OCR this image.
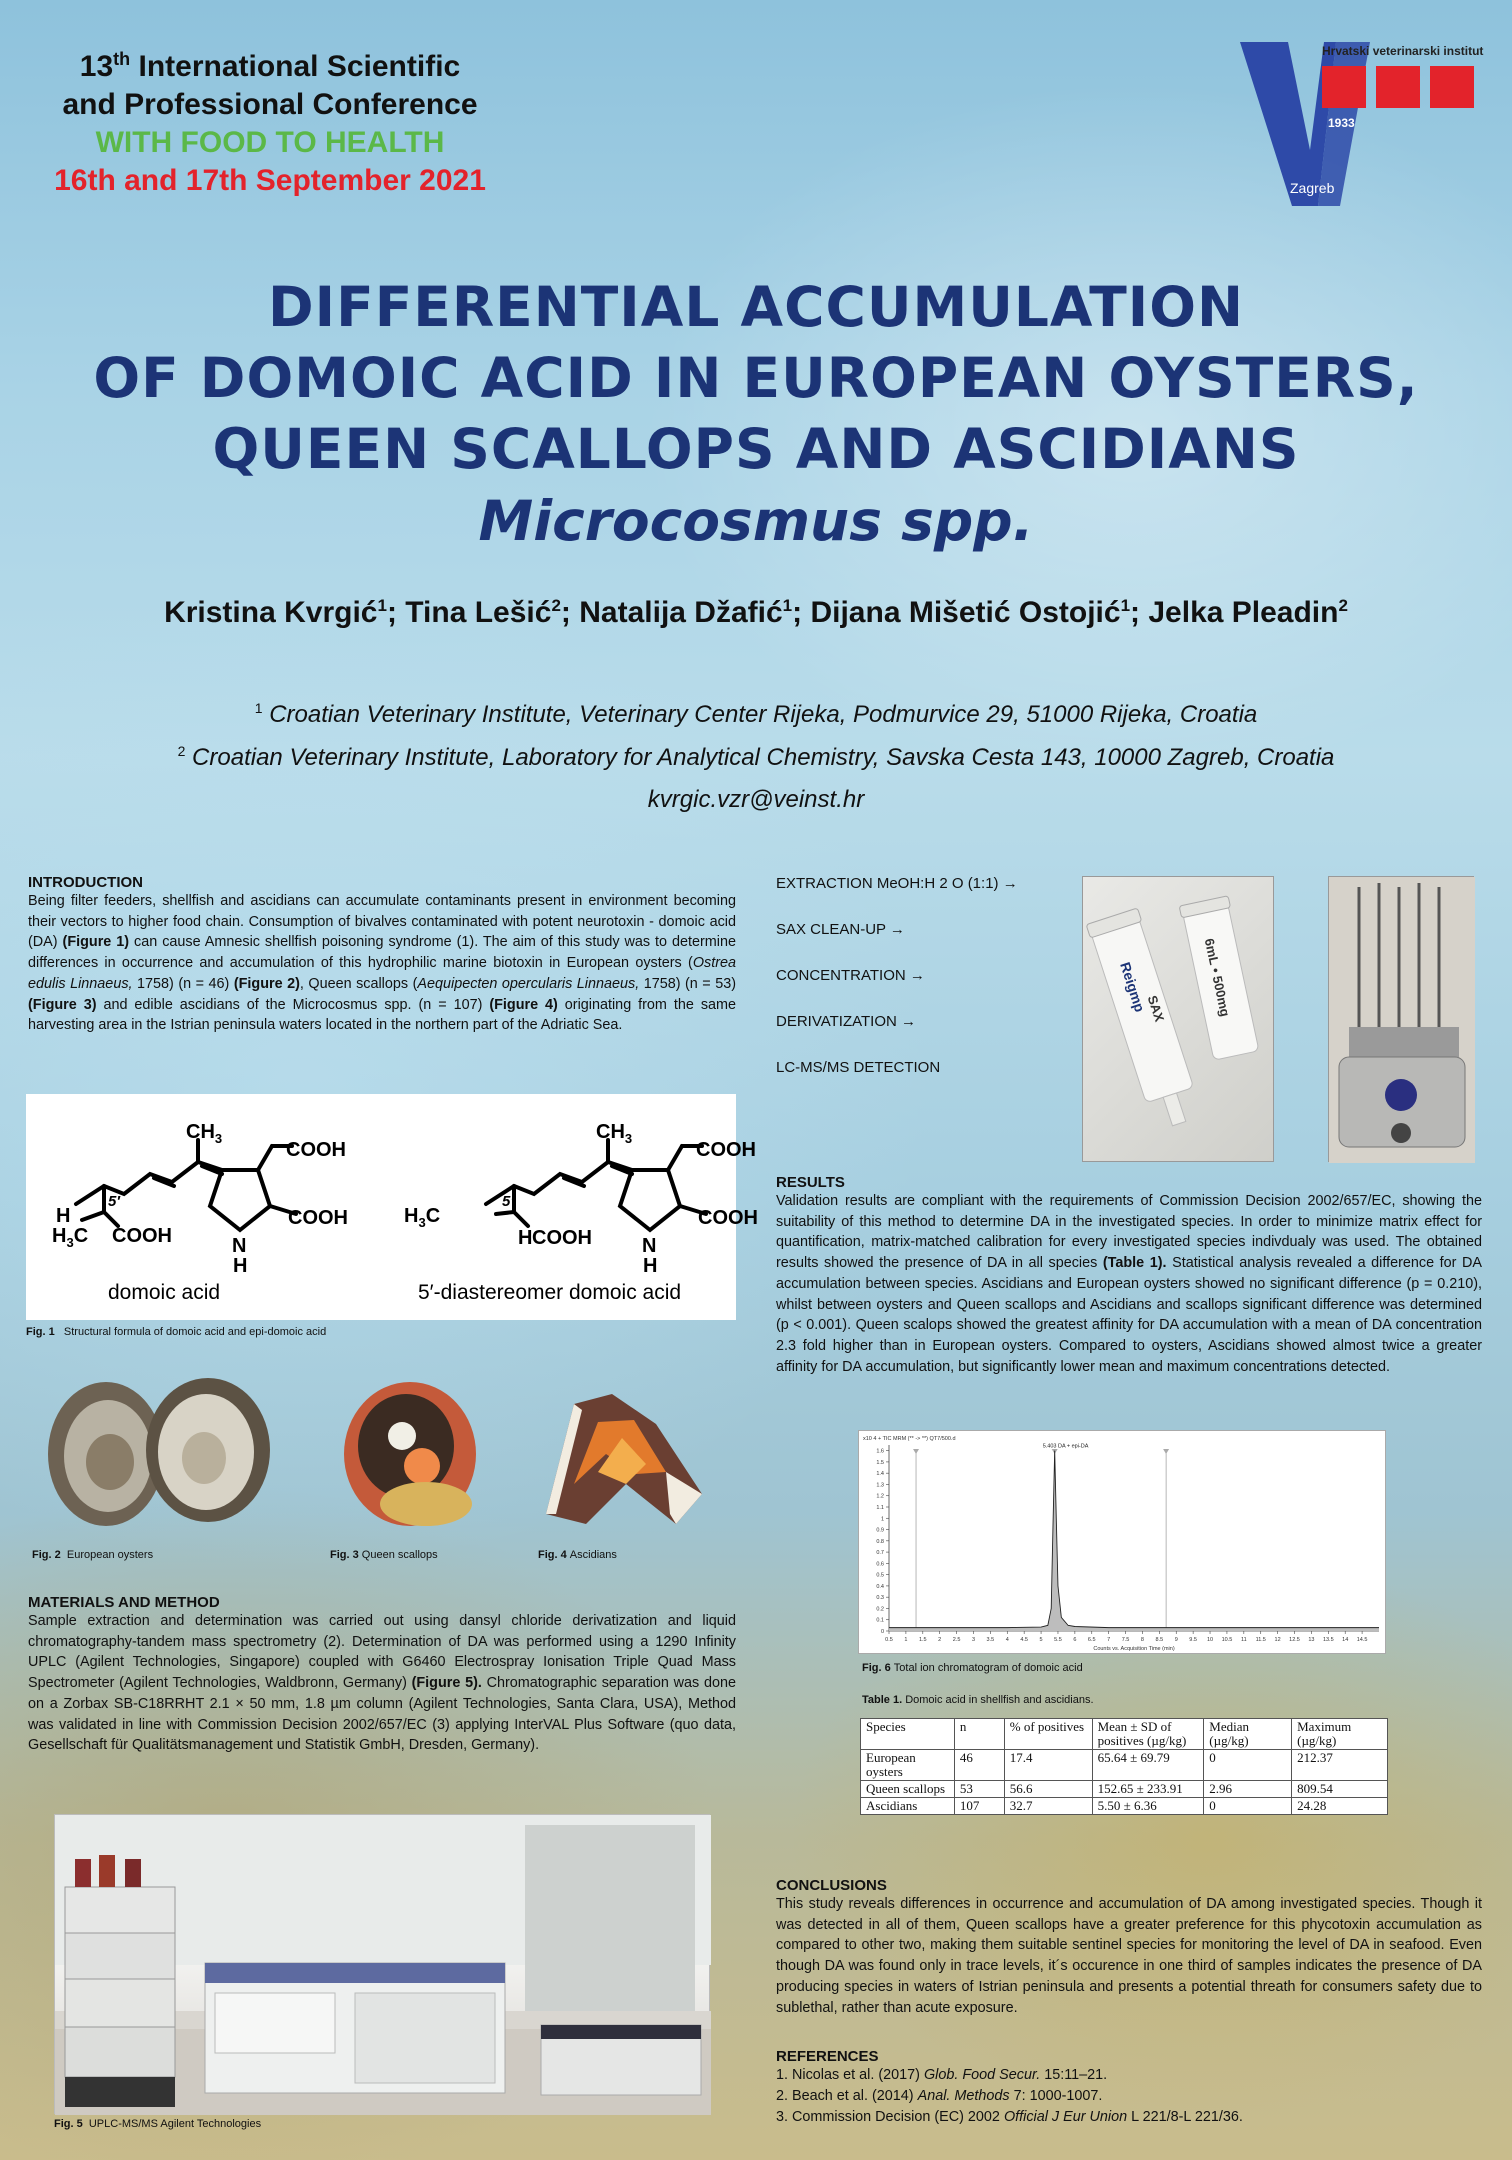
13th International Scientific
and Professional Conference
WITH FOOD TO HEALTH
16th and 17th September 2021
Hrvatski veterinarski institut
1933
Zagreb
DIFFERENTIAL ACCUMULATION
OF DOMOIC ACID IN EUROPEAN OYSTERS,
QUEEN SCALLOPS AND ASCIDIANS
Microcosmus spp.
Kristina Kvrgić$^1$; Tina Lešić$^2$; Natalija Džafić$^1$; Dijana Mišetić Ostojić$^1$; Jelka Pleadin$^2$
$^1$ Croatian Veterinary Institute, Veterinary Center Rijeka, Podmurvice 29, 51000 Rijeka, Croatia
$^2$ Croatian Veterinary Institute, Laboratory for Analytical Chemistry, Savska Cesta 143, 10000 Zagreb, Croatia
kvrgic.vzr@veinst.hr
INTRODUCTION

Being filter feeders, shellfish and ascidians can accumulate contaminants present in environment becoming their vectors to higher food chain. Consumption of bivalves contaminated with potent neurotoxin - domoic acid (DA) (Figure 1) can cause Amnesic shellfish poisoning syndrome (1). The aim of this study was to determine differences in occurrence and accumulation of this hydrophilic marine biotoxin in European oysters (Ostrea edulis Linnaeus, 1758) (n = 46) (Figure 2), Queen scallops (Aequipecten opercularis Linnaeus, 1758) (n = 53) (Figure 3) and edible ascidians of the Microcosmus spp. (n = 107) (Figure 4) originating from the same harvesting area in the Istrian peninsula waters located in the northern part of the Adriatic Sea.

$CH_3$
COOH
COOH
N
H
5′
H
$H_3C$ COOH
$CH_3$
COOH
COOH
N
H
5′
$H_3C$
H COOH
domoic acid	5′-diastereomer domoic acid
Fig. 1 Structural formula of domoic acid and epi-domoic acid
Fig. 2 European oysters	Fig. 3 Queen scallops	Fig. 4 Ascidians
MATERIALS AND METHOD

Sample extraction and determination was carried out using dansyl chloride derivatization and liquid chromatography-tandem mass spectrometry (2). Determination of DA was performed using a 1290 Infinity UPLC (Agilent Technologies, Singapore) coupled with G6460 Electrospray Ionisation Triple Quad Mass Spectrometer (Agilent Technologies, Waldbronn, Germany) (Figure 5). Chromatographic separation was done on a Zorbax SB-C18RRHT 2.1 × 50 mm, 1.8 µm column (Agilent Technologies, Santa Clara, USA), Method was validated in line with Commission Decision 2002/657/EC (3) applying InterVAL Plus Software (quo data, Gesellschaft für Qualitätsmanagement und Statistik GmbH, Dresden, Germany).

Fig. 5 UPLC-MS/MS Agilent Technologies
EXTRACTION MeOH:H 2 O (1:1) →
SAX CLEAN-UP →
CONCENTRATION →
DERIVATIZATION →
LC-MS/MS DETECTION
Reigmp
SAX	6mL • 500mg
RESULTS

Validation results are compliant with the requirements of Commission Decision 2002/657/EC, showing the suitability of this method to determine DA in the investigated species. In order to minimize matrix effect for quantification, matrix-matched calibration for every investigated species indivdualy was used. The obtained results showed the presence of DA in all species (Table 1). Statistical analysis revealed a difference for DA accumulation between species. Ascidians and European oysters showed no significant difference (p = 0.210), whilst between oysters and Queen scallops and Ascidians and scallops significant difference was determined (p < 0.001). Queen scalops showed the greatest affinity for DA accumulation with a mean of DA concentration 2.3 fold higher than in European oysters. Compared to oysters, Ascidians showed almost twice a greater affinity for DA accumulation, but significantly lower mean and maximum concentrations detected.

x10 4 + TIC MRM (** -> **) QT7/500.d
0.5 1 1.5 2 2.5 3 3.5 4 4.5 5 5.5 6 6.5 7 7.5 8 8.5 9 9.5 10 10.5 11 11.5 12 12.5 13 13.5 14 14.5
0
0.1
0.2
0.3
0.4
0.5
0.6
0.7
0.8
0.9
1
1.1
1.2
1.3
1.4
1.5
1.6
Counts vs. Acquisition Time (min)
5.403 DA + epi-DA
Fig. 6 Total ion chromatogram of domoic acid
Table 1. Domoic acid in shellfish and ascidians.
Species	n	% of positives	Mean ± SD of positives (µg/kg)	Median (µg/kg)	Maximum (µg/kg)
European oysters	46	17.4	65.64 ± 69.79	0	212.37
Queen scallops	53	56.6	152.65 ± 233.91	2.96	809.54
Ascidians	107	32.7	5.50 ± 6.36	0	24.28
CONCLUSIONS

This study reveals differences in occurrence and accumulation of DA among investigated species. Though it was detected in all of them, Queen scallops have a greater preference for this phycotoxin accumulation as compared to other two, making them suitable sentinel species for monitoring the level of DA in seafood. Even though DA was found only in trace levels, it´s occurence in one third of samples indicates the presence of DA producing species in waters of Istrian peninsula and presents a potential threath for consumers safety due to sublethal, rather than acute exposure.

REFERENCES
1. Nicolas et al. (2017) Glob. Food Secur. 15:11–21.
2. Beach et al. (2014) Anal. Methods 7: 1000-1007.
3. Commission Decision (EC) 2002 Official J Eur Union L 221/8-L 221/36.
